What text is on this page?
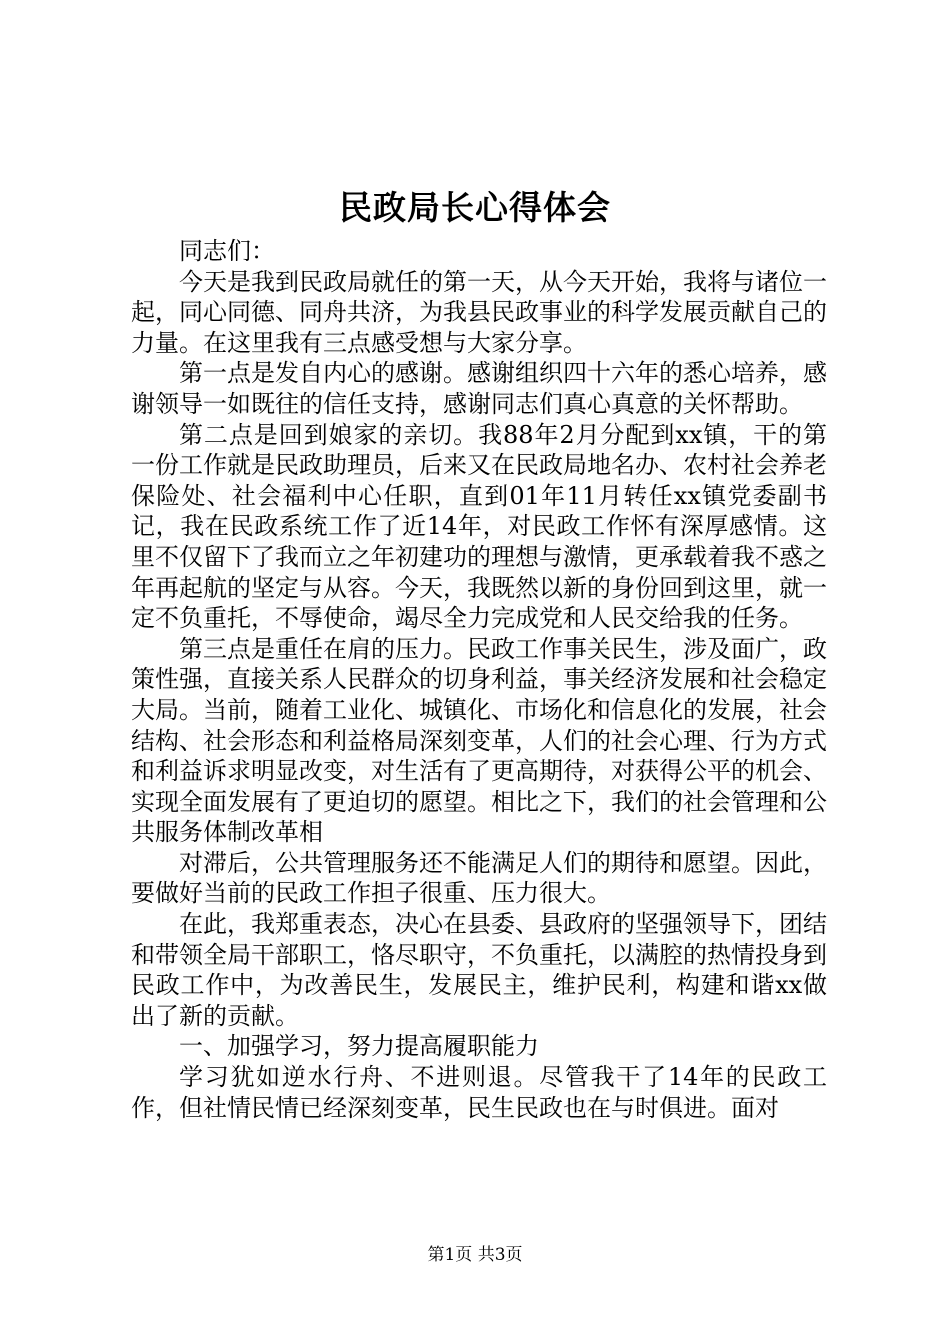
民政局长心得体会

同志们：

今天是我到民政局就任的第一天，从今天开始，我将与诸位一起，同心同德、同舟共济，为我县民政事业的科学发展贡献自己的力量。在这里我有三点感受想与大家分享。

第一点是发自内心的感谢。感谢组织四十六年的悉心培养，感谢领导一如既往的信任支持，感谢同志们真心真意的关怀帮助。

第二点是回到娘家的亲切。我88年2月分配到xx镇，干的第一份工作就是民政助理员，后来又在民政局地名办、农村社会养老保险处、社会福利中心任职，直到01年11月转任xx镇党委副书记，我在民政系统工作了近14年，对民政工作怀有深厚感情。这里不仅留下了我而立之年初建功的理想与激情，更承载着我不惑之年再起航的坚定与从容。今天，我既然以新的身份回到这里，就一定不负重托，不辱使命，竭尽全力完成党和人民交给我的任务。

第三点是重任在肩的压力。民政工作事关民生，涉及面广，政策性强，直接关系人民群众的切身利益，事关经济发展和社会稳定大局。当前，随着工业化、城镇化、市场化和信息化的发展，社会结构、社会形态和利益格局深刻变革，人们的社会心理、行为方式和利益诉求明显改变，对生活有了更高期待，对获得公平的机会、实现全面发展有了更迫切的愿望。相比之下，我们的社会管理和公共服务体制改革相

对滞后，公共管理服务还不能满足人们的期待和愿望。因此，要做好当前的民政工作担子很重、压力很大。

在此，我郑重表态，决心在县委、县政府的坚强领导下，团结和带领全局干部职工，恪尽职守，不负重托，以满腔的热情投身到民政工作中，为改善民生，发展民主，维护民利，构建和谐xx做出了新的贡献。

一、加强学习，努力提高履职能力

学习犹如逆水行舟、不进则退。尽管我干了14年的民政工作，但社情民情已经深刻变革，民生民政也在与时俱进。面对

第1页 共3页
